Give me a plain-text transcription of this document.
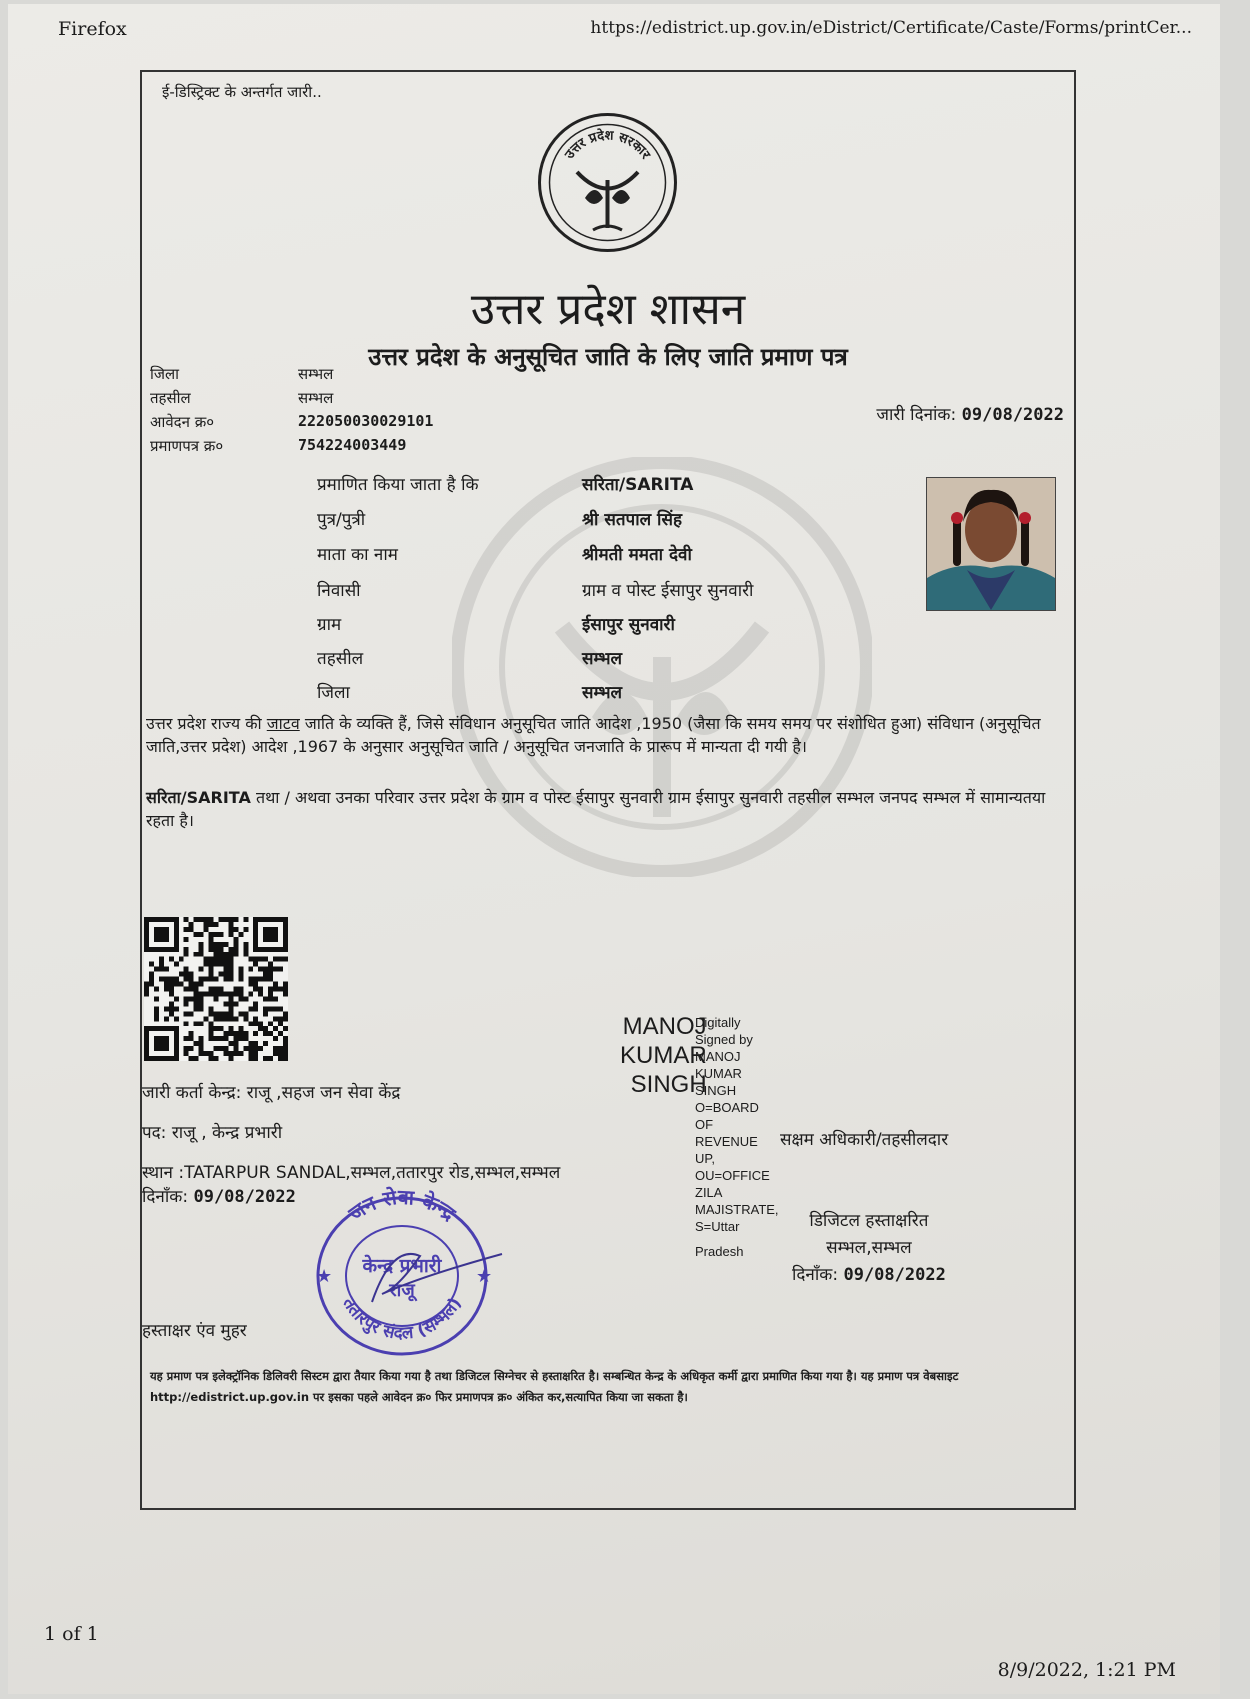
Firefox	https://edistrict.up.gov.in/eDistrict/Certificate/Caste/Forms/printCer...
ई-डिस्ट्रिक्ट के अन्तर्गत जारी..
उत्तर प्रदेश सरकार
उत्तर प्रदेश शासन
उत्तर प्रदेश के अनुसूचित जाति के लिए जाति प्रमाण पत्र
जिला	सम्भल
तहसील	सम्भल
आवेदन क्र०	222050030029101
प्रमाणपत्र क्र०	754224003449
जारी दिनांक: 09/08/2022
प्रमाणित किया जाता है कि	सरिता/SARITA
पुत्र/पुत्री	श्री सतपाल सिंह
माता का नाम	श्रीमती ममता देवी
निवासी	ग्राम व पोस्ट ईसापुर सुनवारी
ग्राम	ईसापुर सुनवारी
तहसील	सम्भल
जिला	सम्भल
उत्तर प्रदेश राज्य की जाटव जाति के व्यक्ति हैं, जिसे संविधान अनुसूचित जाति आदेश ,1950 (जैसा कि समय समय पर संशोधित हुआ) संविधान (अनुसूचित जाति,उत्तर प्रदेश) आदेश ,1967 के अनुसार अनुसूचित जाति / अनुसूचित जनजाति के प्रारूप में मान्यता दी गयी है।
सरिता/SARITA तथा / अथवा उनका परिवार उत्तर प्रदेश के ग्राम व पोस्ट ईसापुर सुनवारी ग्राम ईसापुर सुनवारी तहसील सम्भल जनपद सम्भल में सामान्यतया रहता है।
जारी कर्ता केन्द्र: राजू ,सहज जन सेवा केंद्र
पद: राजू , केन्द्र प्रभारी
स्थान :TATARPUR SANDAL,सम्भल,ततारपुर रोड,सम्भल,सम्भल
दिनाँक: 09/08/2022
हस्ताक्षर एंव मुहर
जन सेवा केन्द्र
ततारपुर संदल (सम्भल)
केन्द्र प्रभारी
राजू
★	★
MANOJ
KUMAR
SINGH
Digitally
Signed by
MANOJ
KUMAR
SINGH
O=BOARD
OF
REVENUE
UP,
OU=OFFICE
ZILA
MAJISTRATE,
S=Uttar
Pradesh
सक्षम अधिकारी/तहसीलदार
डिजिटल हस्ताक्षरित
सम्भल,सम्भल
दिनाँक: 09/08/2022
यह प्रमाण पत्र इलेक्ट्रॉनिक डिलिवरी सिस्टम द्वारा तैयार किया गया है तथा डिजिटल सिग्नेचर से हस्ताक्षरित है। सम्बन्धित केन्द्र के अधिकृत कर्मी द्वारा प्रमाणित किया गया है। यह प्रमाण पत्र वेबसाइट http://edistrict.up.gov.in पर इसका पहले आवेदन क्र० फिर प्रमाणपत्र क्र० अंकित कर,सत्यापित किया जा सकता है।
1 of 1
8/9/2022, 1:21 PM
